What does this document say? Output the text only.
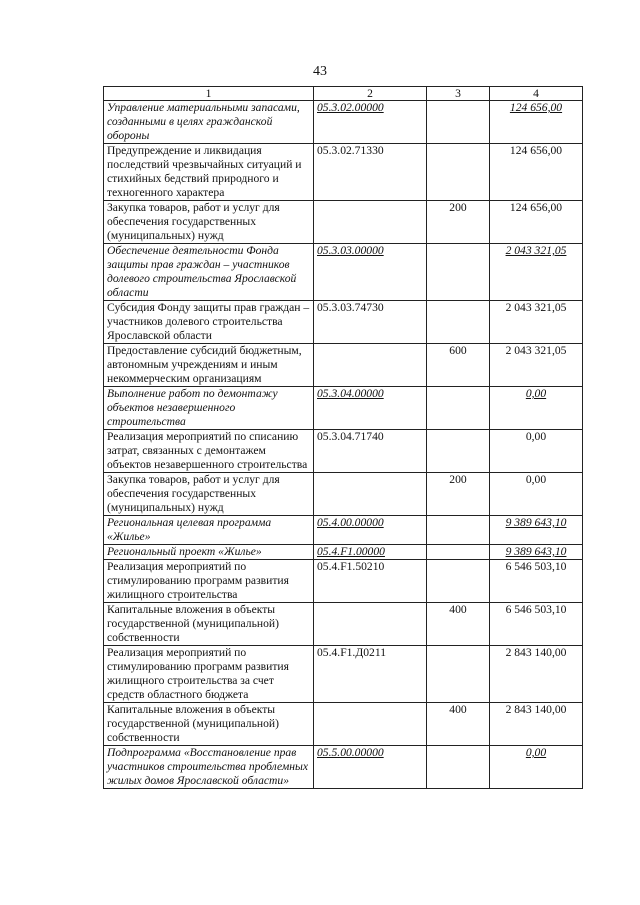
43
1	2	3	4
Управление материальными запасами, созданными в целях гражданской обороны	05.3.02.00000		124 656,00
Предупреждение и ликвидация последствий чрезвычайных ситуаций и стихийных бедствий природного и техногенного характера	05.3.02.71330		124 656,00
Закупка товаров, работ и услуг для обеспечения государственных (муниципальных) нужд		200	124 656,00
Обеспечение деятельности Фонда защиты прав граждан – участников долевого строительства Ярославской области	05.3.03.00000		2 043 321,05
Субсидия Фонду защиты прав граждан – участников долевого строительства Ярославской области	05.3.03.74730		2 043 321,05
Предоставление субсидий бюджетным, автономным учреждениям и иным некоммерческим организациям		600	2 043 321,05
Выполнение работ по демонтажу объектов незавершенного строительства	05.3.04.00000		0,00
Реализация мероприятий по списанию затрат, связанных с демонтажем объектов незавершенного строительства	05.3.04.71740		0,00
Закупка товаров, работ и услуг для обеспечения государственных (муниципальных) нужд		200	0,00
Региональная целевая программа «Жилье»	05.4.00.00000		9 389 643,10
Региональный проект «Жилье»	05.4.F1.00000		9 389 643,10
Реализация мероприятий по стимулированию программ развития жилищного строительства	05.4.F1.50210		6 546 503,10
Капитальные вложения в объекты государственной (муниципальной) собственности		400	6 546 503,10
Реализация мероприятий по стимулированию программ развития жилищного строительства за счет средств областного бюджета	05.4.F1.Д0211		2 843 140,00
Капитальные вложения в объекты государственной (муниципальной) собственности		400	2 843 140,00
Подпрограмма «Восстановление прав участников строительства проблемных жилых домов Ярославской области»	05.5.00.00000		0,00
